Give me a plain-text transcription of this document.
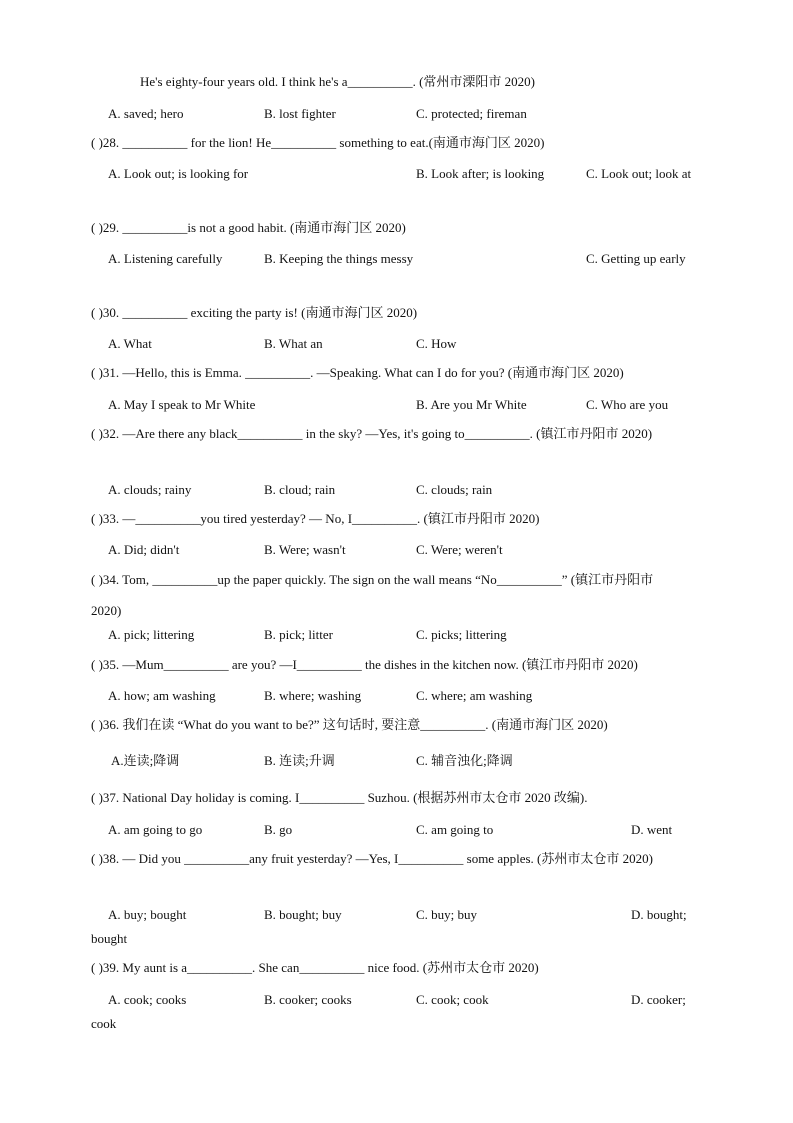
He's eighty-four years old. I think he's a__________. (常州市溧阳市 2020)
A. saved; hero	B. lost fighter	C. protected; fireman
( )28. __________ for the lion! He__________ something to eat.(南通市海门区 2020)
A. Look out; is looking for	B. Look after; is looking	C. Look out; look at
( )29. __________is not a good habit. (南通市海门区 2020)
A. Listening carefully	B. Keeping the things messy	C. Getting up early
( )30. __________ exciting the party is! (南通市海门区 2020)
A. What	B. What an	C. How
( )31. —Hello, this is Emma. __________. —Speaking. What can I do for you? (南通市海门区 2020)
A. May I speak to Mr White	B. Are you Mr White	C. Who are you
( )32. —Are there any black__________ in the sky? —Yes, it's going to__________. (镇江市丹阳市 2020)
A. clouds; rainy	B. cloud; rain	C. clouds; rain
( )33. —__________you tired yesterday? — No, I__________. (镇江市丹阳市 2020)
A. Did; didn't	B. Were; wasn't	C. Were; weren't
( )34. Tom, __________up the paper quickly. The sign on the wall means “No__________” (镇江市丹阳市
2020)
A. pick; littering	B. pick; litter	C. picks; littering
( )35. —Mum__________ are you? —I__________ the dishes in the kitchen now. (镇江市丹阳市 2020)
A. how; am washing	B. where; washing	C. where; am washing
( )36. 我们在读 “What do you want to be?” 这句话时, 要注意__________. (南通市海门区 2020)
A.连读;降调	B. 连读;升调	C. 辅音浊化;降调
( )37. National Day holiday is coming. I__________ Suzhou. (根据苏州市太仓市 2020 改编).
A. am going to go	B. go	C. am going to	D. went
( )38. — Did you __________any fruit yesterday? —Yes, I__________ some apples. (苏州市太仓市 2020)
A. buy; bought	B. bought; buy	C. buy; buy	D. bought;
bought
( )39. My aunt is a__________. She can__________ nice food. (苏州市太仓市 2020)
A. cook; cooks	B. cooker; cooks	C. cook; cook	D. cooker;
cook
